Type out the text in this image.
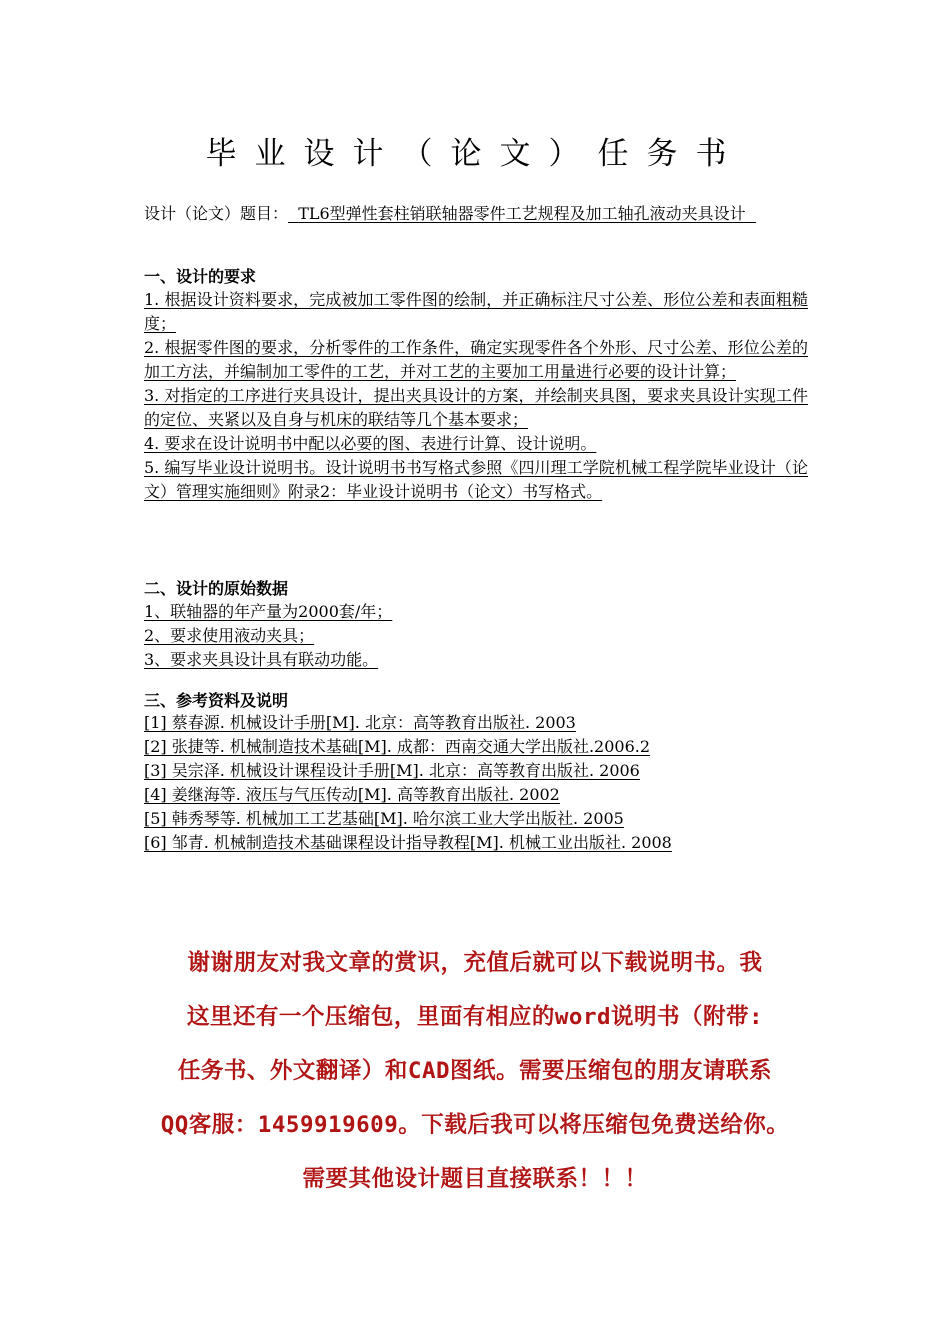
毕业设计（论文）任务书
设计（论文）题目： TL6型弹性套柱销联轴器零件工艺规程及加工轴孔液动夹具设计
一、设计的要求
1. 根据设计资料要求，完成被加工零件图的绘制，并正确标注尺寸公差、形位公差和表面粗糙度；
2. 根据零件图的要求，分析零件的工作条件，确定实现零件各个外形、尺寸公差、形位公差的加工方法，并编制加工零件的工艺，并对工艺的主要加工用量进行必要的设计计算；
3. 对指定的工序进行夹具设计，提出夹具设计的方案，并绘制夹具图，要求夹具设计实现工件的定位、夹紧以及自身与机床的联结等几个基本要求；
4. 要求在设计说明书中配以必要的图、表进行计算、设计说明。
5. 编写毕业设计说明书。设计说明书书写格式参照《四川理工学院机械工程学院毕业设计（论文）管理实施细则》附录2：毕业设计说明书（论文）书写格式。
二、设计的原始数据
1、联轴器的年产量为2000套/年；
2、要求使用液动夹具；
3、要求夹具设计具有联动功能。
三、参考资料及说明
[1] 蔡春源. 机械设计手册[M]. 北京：高等教育出版社. 2003
[2] 张捷等. 机械制造技术基础[M]. 成都：西南交通大学出版社.2006.2
[3] 吴宗泽. 机械设计课程设计手册[M]. 北京：高等教育出版社. 2006
[4] 姜继海等. 液压与气压传动[M]. 高等教育出版社. 2002
[5] 韩秀琴等. 机械加工工艺基础[M]. 哈尔滨工业大学出版社. 2005
[6] 邹青. 机械制造技术基础课程设计指导教程[M]. 机械工业出版社. 2008
谢谢朋友对我文章的赏识，充值后就可以下载说明书。我
这里还有一个压缩包，里面有相应的word说明书（附带:
任务书、外文翻译）和CAD图纸。需要压缩包的朋友请联系
QQ客服：1459919609。下载后我可以将压缩包免费送给你。
需要其他设计题目直接联系！！！
